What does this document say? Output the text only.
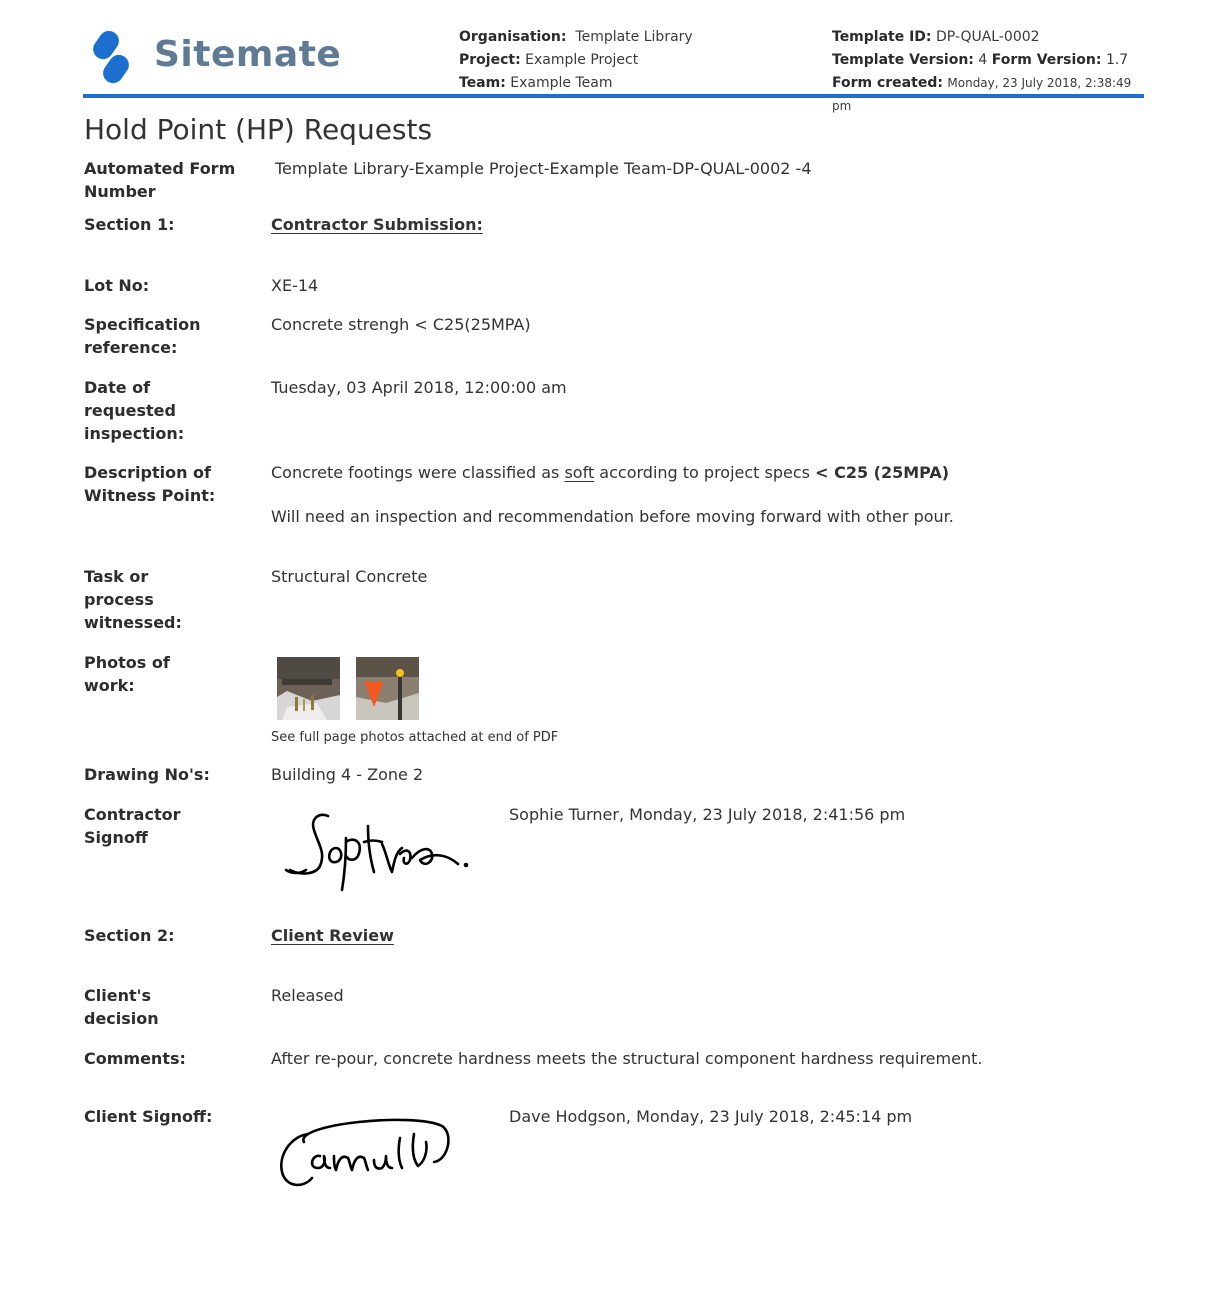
Sitemate	Organisation: Template Library
Project: Example Project
Team: Example Team
Template ID: DP-QUAL-0002
Template Version: 4 Form Version: 1.7
Form created: Monday, 23 July 2018, 2:38:49 pm
Hold Point (HP) Requests
Automated Form Number
Template Library-Example Project-Example Team-DP-QUAL-0002 -4
Section 1:	Contractor Submission:
Lot No:	XE-14
Specification reference:
Concrete strengh < C25(25MPA)
Date of requested inspection:
Tuesday, 03 April 2018, 12:00:00 am
Description of Witness Point:
Concrete footings were classified as soft according to project specs < C25 (25MPA)
Will need an inspection and recommendation before moving forward with other pour.
Task or process witnessed:
Structural Concrete
Photos of work:
See full page photos attached at end of PDF
Drawing No's:	Building 4 - Zone 2
Contractor Signoff
Sophie Turner, Monday, 23 July 2018, 2:41:56 pm
Section 2:	Client Review
Client's decision
Released
Comments:	After re-pour, concrete hardness meets the structural component hardness requirement.
Client Signoff:	Dave Hodgson, Monday, 23 July 2018, 2:45:14 pm
